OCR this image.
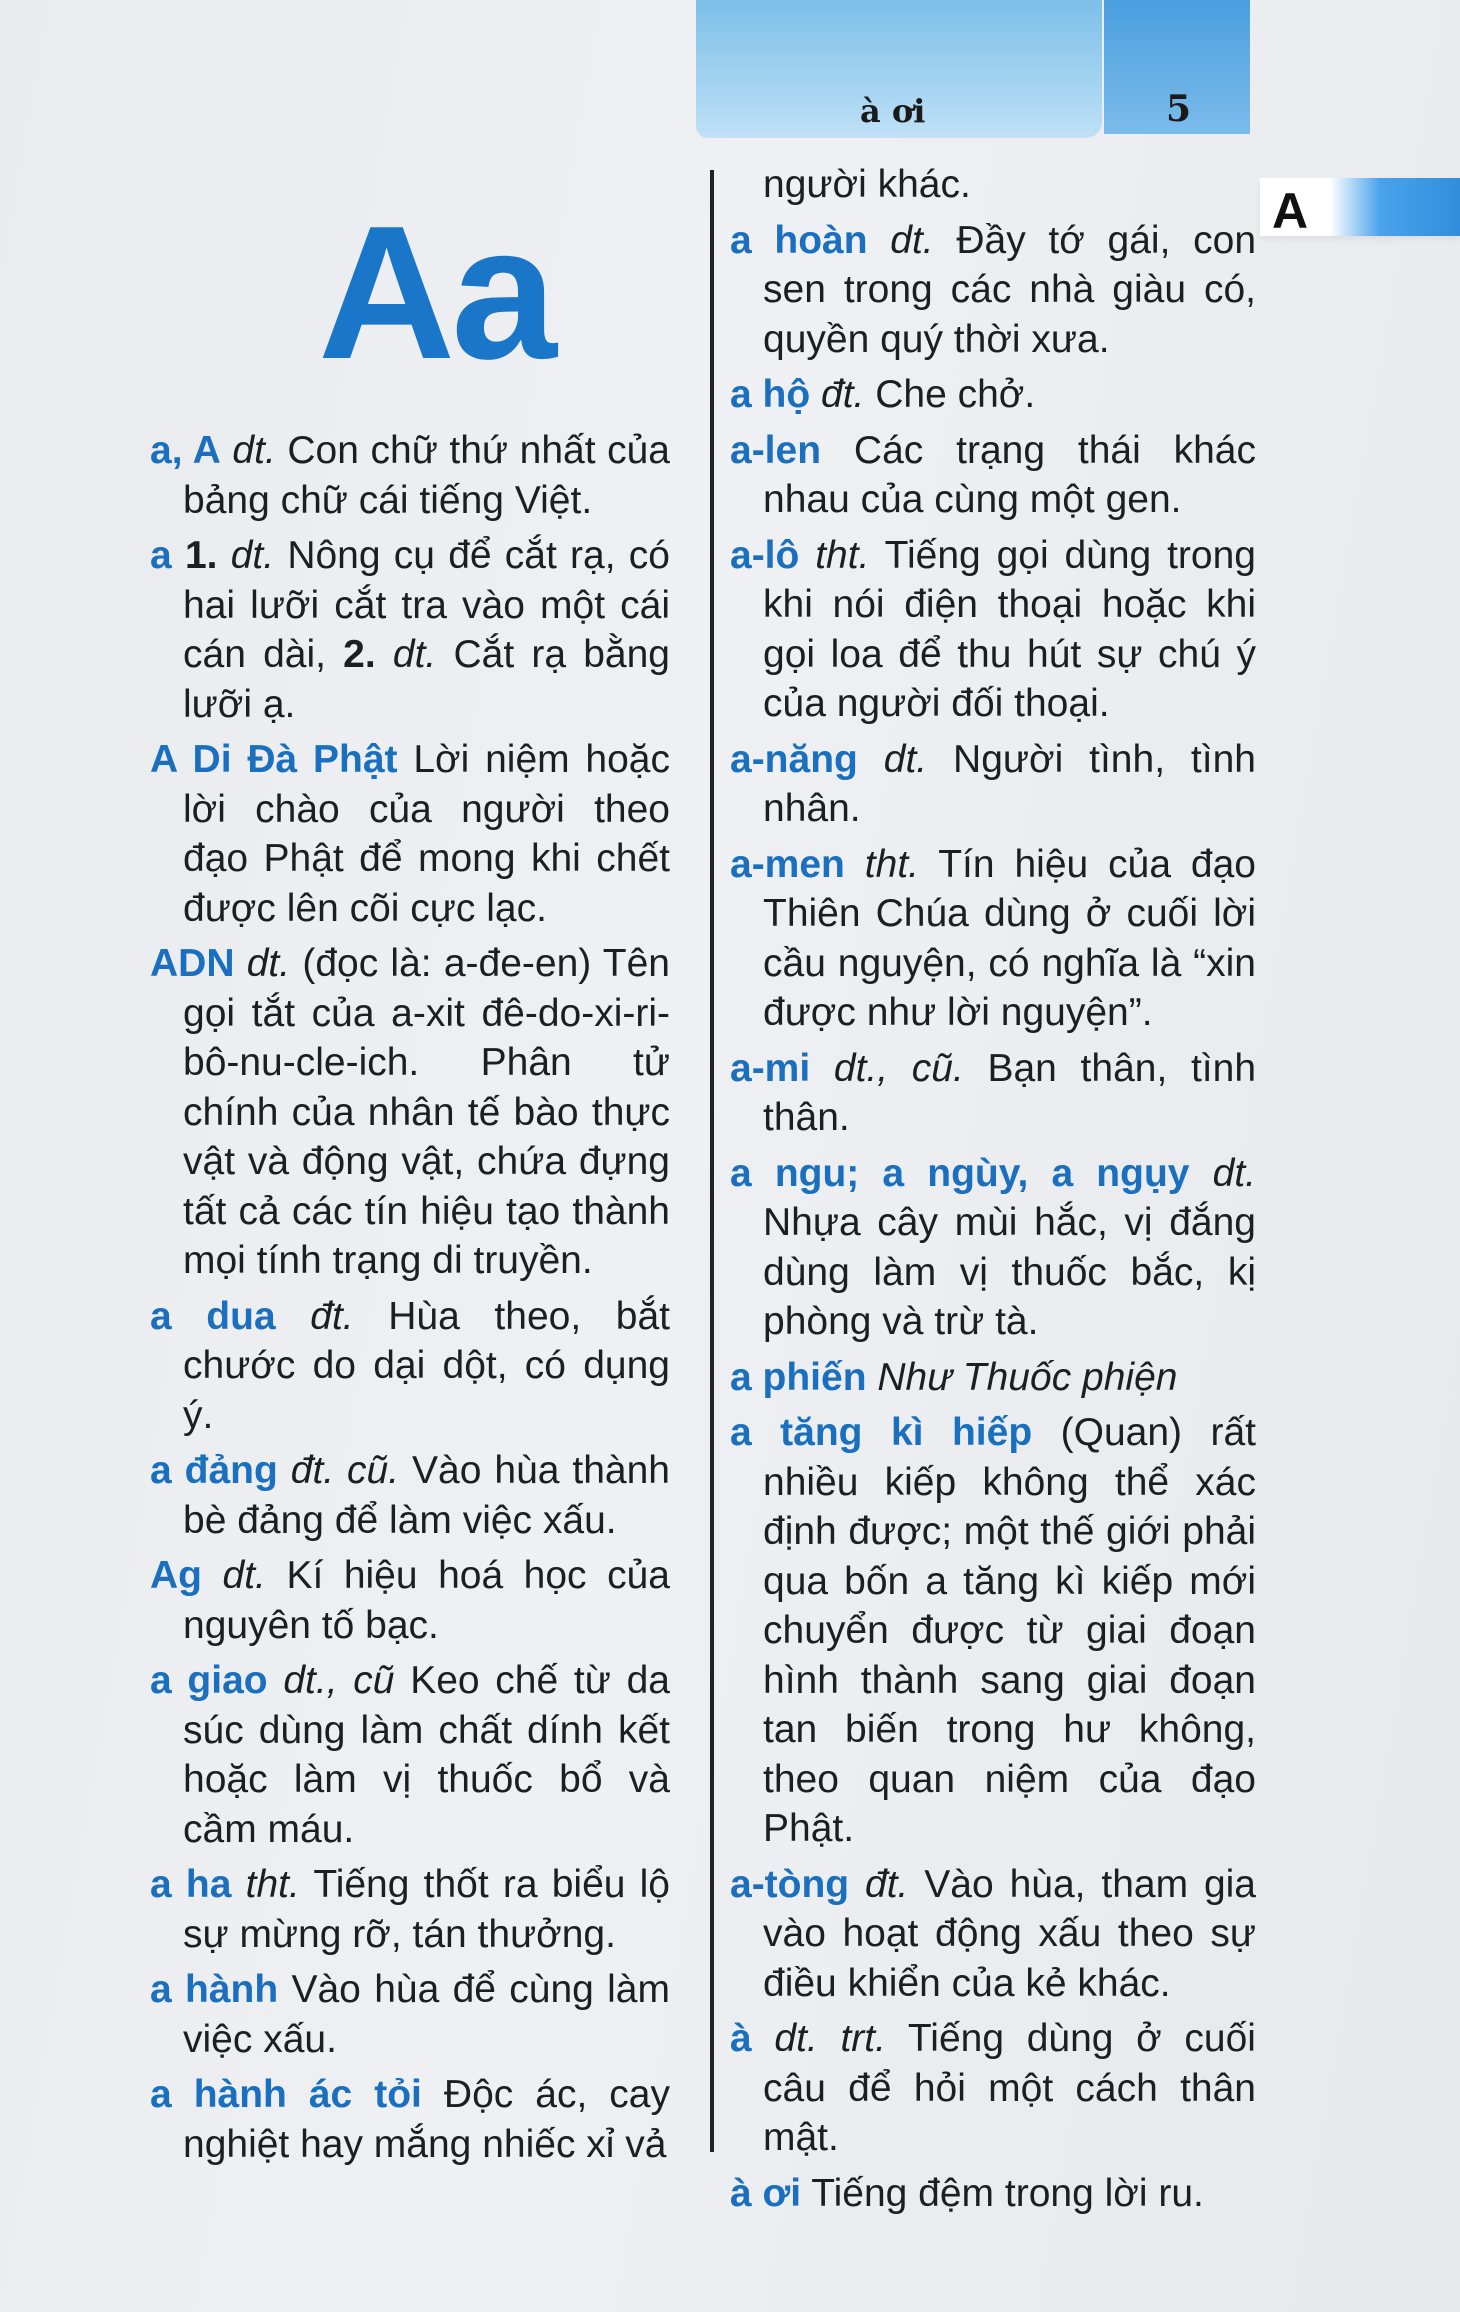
à ơi	5
A
Aa
a, A dt. Con chữ thứ nhất của bảng chữ cái tiếng Việt.
a 1. dt. Nông cụ để cắt rạ, có hai lưỡi cắt tra vào một cái cán dài, 2. dt. Cắt rạ bằng lưỡi ạ.
A Di Đà Phật Lời niệm hoặc lời chào của người theo đạo Phật để mong khi chết được lên cõi cực lạc.
ADN dt. (đọc là: a-đe-en) Tên gọi tắt của a-xit đê-do-xi-ri-bô-nu-cle-ich. Phân tử chính của nhân tế bào thực vật và động vật, chứa đựng tất cả các tín hiệu tạo thành mọi tính trạng di truyền.
a dua đt. Hùa theo, bắt chước do dại dột, có dụng ý.
a đảng đt. cũ. Vào hùa thành bè đảng để làm việc xấu.
Ag dt. Kí hiệu hoá học của nguyên tố bạc.
a giao dt., cũ Keo chế từ da súc dùng làm chất dính kết hoặc làm vị thuốc bổ và cầm máu.
a ha tht. Tiếng thốt ra biểu lộ sự mừng rỡ, tán thưởng.
a hành Vào hùa để cùng làm việc xấu.
a hành ác tỏi Độc ác, cay nghiệt hay mắng nhiếc xỉ vả
người khác.
a hoàn dt. Đầy tớ gái, con sen trong các nhà giàu có, quyền quý thời xưa.
a hộ đt. Che chở.
a-len Các trạng thái khác nhau của cùng một gen.
a-lô tht. Tiếng gọi dùng trong khi nói điện thoại hoặc khi gọi loa để thu hút sự chú ý của người đối thoại.
a-năng dt. Người tình, tình nhân.
a-men tht. Tín hiệu của đạo Thiên Chúa dùng ở cuối lời cầu nguyện, có nghĩa là “xin được như lời nguyện”.
a-mi dt., cũ. Bạn thân, tình thân.
a ngu; a ngùy, a ngụy dt. Nhựa cây mùi hắc, vị đắng dùng làm vị thuốc bắc, kị phòng và trừ tà.
a phiến Như Thuốc phiện
a tăng kì hiếp (Quan) rất nhiều kiếp không thể xác định được; một thế giới phải qua bốn a tăng kì kiếp mới chuyển được từ giai đoạn hình thành sang giai đoạn tan biến trong hư không, theo quan niệm của đạo Phật.
a-tòng đt. Vào hùa, tham gia vào hoạt động xấu theo sự điều khiển của kẻ khác.
à dt. trt. Tiếng dùng ở cuối câu để hỏi một cách thân mật.
à ơi Tiếng đệm trong lời ru.
